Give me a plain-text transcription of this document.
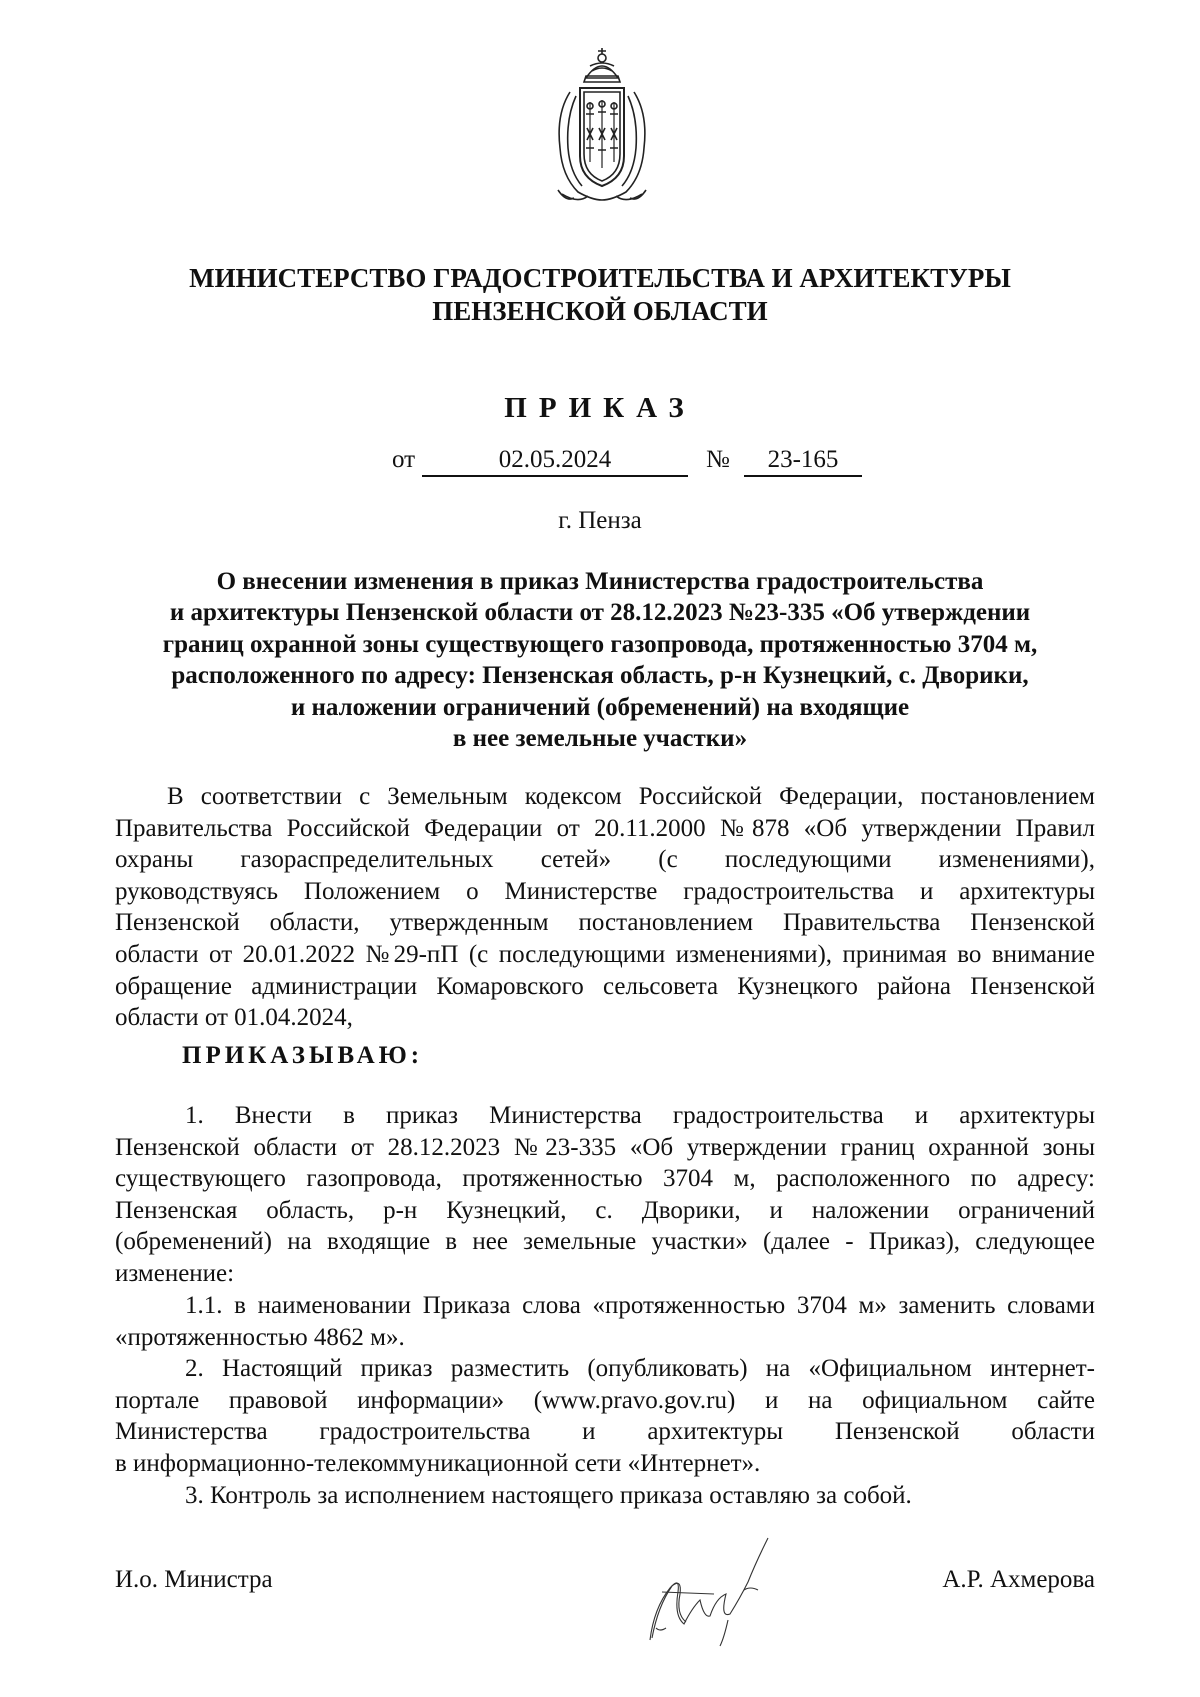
МИНИСТЕРСТВО ГРАДОСТРОИТЕЛЬСТВА И АРХИТЕКТУРЫ
ПЕНЗЕНСКОЙ ОБЛАСТИ
ПРИКАЗ
от	02.05.2024	№	23-165
г. Пенза
О внесении изменения в приказ Министерства градостроительства
и архитектуры Пензенской области от 28.12.2023 №23-335 «Об утверждении
границ охранной зоны существующего газопровода, протяженностью 3704 м,
расположенного по адресу: Пензенская область, р-н Кузнецкий, с. Дворики,
и наложении ограничений (обременений) на входящие
в нее земельные участки»
В соответствии с Земельным кодексом Российской Федерации, постановлением
Правительства Российской Федерации от 20.11.2000 №878 «Об утверждении Правил
охраны газораспределительных сетей» (с последующими изменениями),
руководствуясь Положением о Министерстве градостроительства и архитектуры
Пензенской области, утвержденным постановлением Правительства Пензенской
области от 20.01.2022 №29-пП (с последующими изменениями), принимая во внимание
обращение администрации Комаровского сельсовета Кузнецкого района Пензенской
области от 01.04.2024,
ПРИКАЗЫВАЮ:
1. Внести в приказ Министерства градостроительства и архитектуры
Пензенской области от 28.12.2023 №23-335 «Об утверждении границ охранной зоны
существующего газопровода, протяженностью 3704 м, расположенного по адресу:
Пензенская область, р-н Кузнецкий, с. Дворики, и наложении ограничений
(обременений) на входящие в нее земельные участки» (далее - Приказ), следующее
изменение:
1.1. в наименовании Приказа слова «протяженностью 3704 м» заменить словами
«протяженностью 4862 м».
2. Настоящий приказ разместить (опубликовать) на «Официальном интернет-
портале правовой информации» (www.pravo.gov.ru) и на официальном сайте
Министерства градостроительства и архитектуры Пензенской области
в информационно-телекоммуникационной сети «Интернет».
3. Контроль за исполнением настоящего приказа оставляю за собой.
И.о. Министра	А.Р. Ахмерова
